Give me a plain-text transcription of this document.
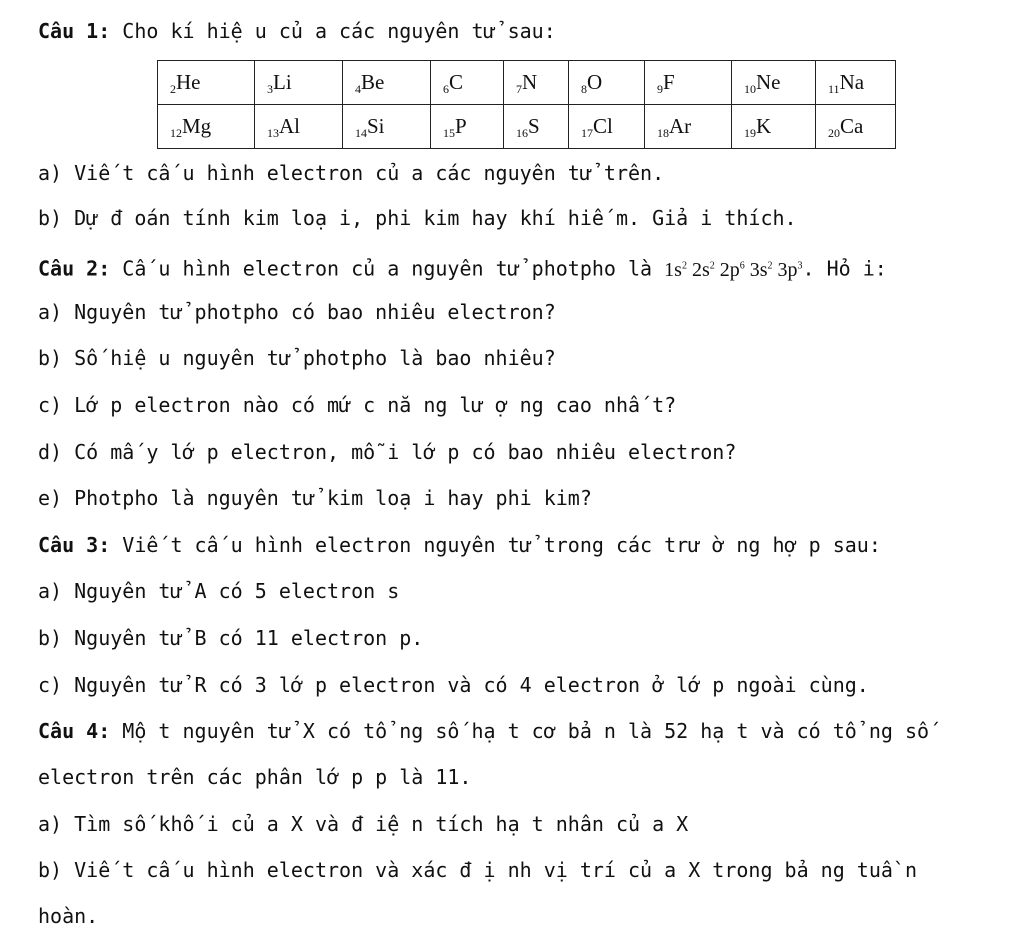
Câu 1: Cho kí hiệ u củ a các nguyên tử sau:
2He	3Li	4Be	6C	7N	8O	9F	10Ne	11Na
12Mg	13Al	14Si	15P	16S	17Cl	18Ar	19K	20Ca
a) Viế t cấ u hình electron củ a các nguyên tử trên.
b) Dự đ oán tính kim loạ i, phi kim hay khí hiế m. Giả i thích.
Câu 2: Cấ u hình electron củ a nguyên tử photpho là $1s^2$ $2s^2$ $2p^6$ $3s^2$ $3p^3$. Hỏ i:
a) Nguyên tử photpho có bao nhiêu electron?
b) Số hiệ u nguyên tử photpho là bao nhiêu?
c) Lớ p electron nào có mứ c nă ng lư ợ ng cao nhấ t?
d) Có mấ y lớ p electron, mỗ i lớ p có bao nhiêu electron?
e) Photpho là nguyên tử kim loạ i hay phi kim?
Câu 3: Viế t cấ u hình electron nguyên tử trong các trư ờ ng hợ p sau:
a) Nguyên tử A có 5 electron s
b) Nguyên tử B có 11 electron p.
c) Nguyên tử R có 3 lớ p electron và có 4 electron ở lớ p ngoài cùng.
Câu 4: Mộ t nguyên tử X có tổ ng số hạ t cơ bả n là 52 hạ t và có tổ ng số
electron trên các phân lớ p p là 11.
a) Tìm số khố i củ a X và đ iệ n tích hạ t nhân củ a X
b) Viế t cấ u hình electron và xác đ ị nh vị trí củ a X trong bả ng tuầ n
hoàn.
